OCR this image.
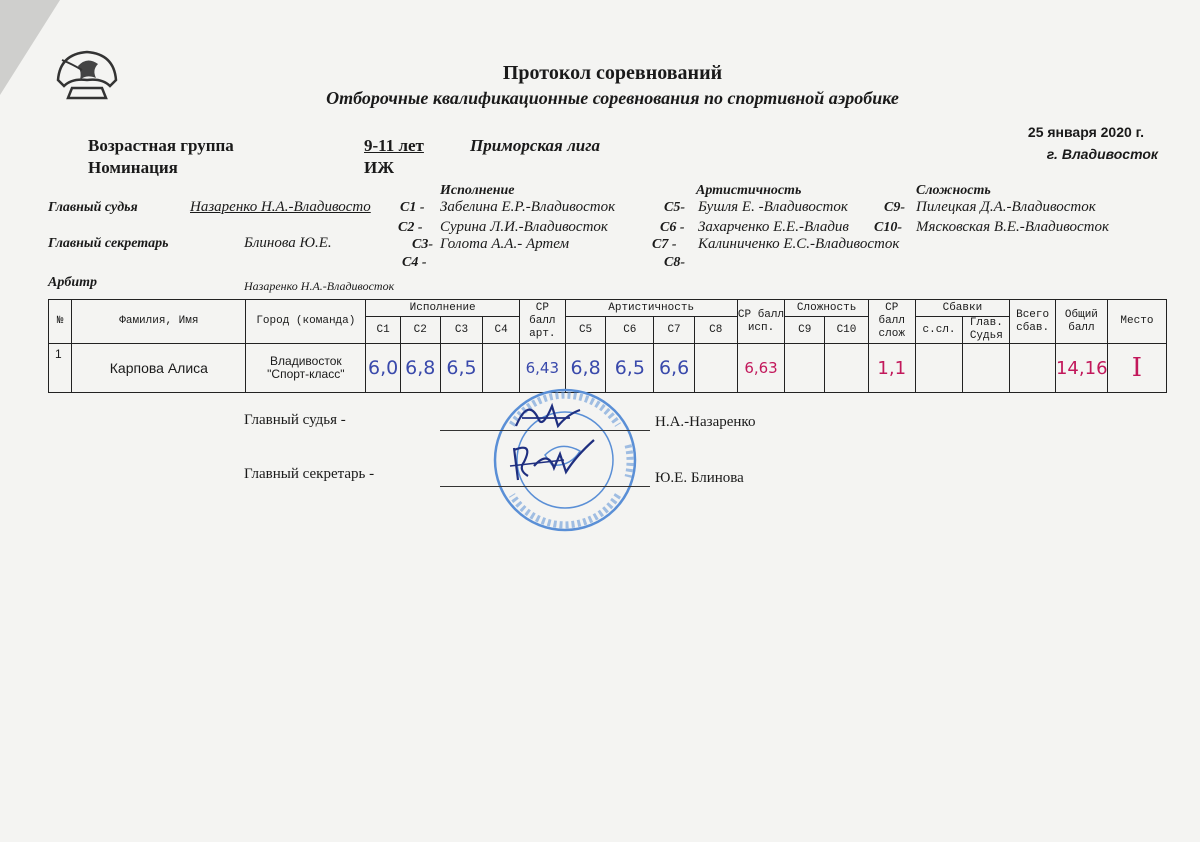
Протокол соревнований
Отборочные квалификационные соревнования по спортивной аэробике
Возрастная группа	9-11 лет	Приморская лига
25 января 2020 г.
г. Владивосток
Номинация	ИЖ
Исполнение	Артистичность	Сложность
Главный судья	Назаренко Н.А.-Владивосто
Главный секретарь	Блинова Ю.Е.
Арбитр	Назаренко Н.А.-Владивосток
С1 - Забелина Е.Р.-Владивосток
С2 - Сурина Л.И.-Владивосток
С3- Голота А.А.- Артем
С4 -
С5- Бушля Е. -Владивосток
С6 - Захарченко Е.Е.-Владив
С7 - Калиниченко Е.С.-Владивосток
С8-
С9- Пилецкая Д.А.-Владивосток
С10- Мясковская В.Е.-Владивосток
№	Фамилия, Имя	Город (команда)	Исполнение				СР балл арт.	Артистичность				СР балл исп.	Сложность		СР балл слож	Сбавки		Всего сбав.	Общий балл	Место
			С1	С2	С3	С4		С5	С6	С7	С8		С9	С10		с.сл.	Глав. Судья			
1	Карпова Алиса	Владивосток
"Спорт-класс"	6,0	6,8	6,5		6,43	6,8	6,5	6,6		6,63			1,1				14,16	I
Главный судья -	Н.А.-Назаренко
Главный секретарь -	Ю.Е. Блинова
